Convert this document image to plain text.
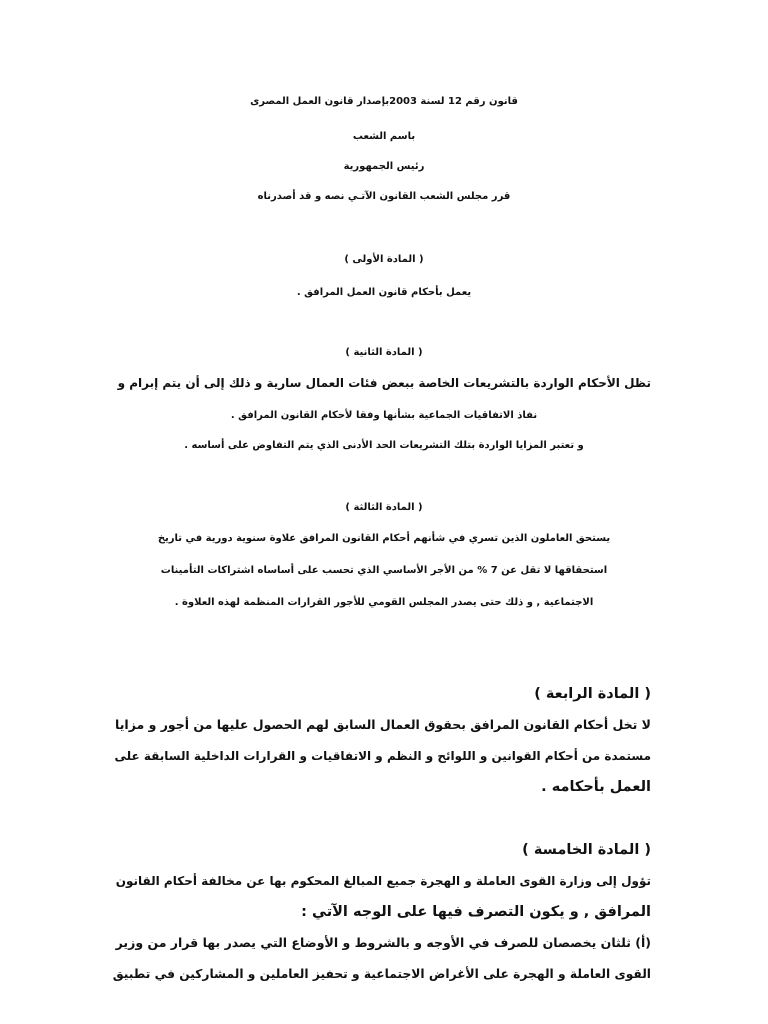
قانون رقم 12 لسنة 2003بإصدار قانون العمل المصرى
باسم الشعب
رئيس الجمهورية
قرر مجلس الشعب القانون الآتـي نصه و قد أصدرناه
( المادة الأولى )
يعمل بأحكام قانون العمل المرافق .
( المادة الثانية )
تظل الأحكام الواردة بالتشريعات الخاصة ببعض فئات العمال سارية و ذلك إلى أن يتم إبرام و
نفاذ الاتفاقيات الجماعية بشأنها وفقا لأحكام القانون المرافق .
و تعتبر المزايا الواردة بتلك التشريعات الحد الأدنى الذي يتم التفاوض على أساسه .
( المادة الثالثة )
يستحق العاملون الذين تسري في شأنهم أحكام القانون المرافق علاوة سنوية دورية في تاريخ
استحقاقها لا تقل عن 7 % من الأجر الأساسي الذي تحسب على أساساه اشتراكات التأمينات
الاجتماعية , و ذلك حتى يصدر المجلس القومي للأجور القرارات المنظمة لهذه العلاوة .
( المادة الرابعة )
لا تخل أحكام القانون المرافق بحقوق العمال السابق لهم الحصول عليها من أجور و مزايا
مستمدة من أحكام القوانين و اللوائح و النظم و الاتفاقيات و القرارات الداخلية السابقة على
العمل بأحكامه .
( المادة الخامسة )
تؤول إلى وزارة القوى العاملة و الهجرة جميع المبالغ المحكوم بها عن مخالفة أحكام القانون
المرافق , و يكون التصرف فيها على الوجه الآتي :
(أ) ثلثان يخصصان للصرف في الأوجه و بالشروط و الأوضاع التي يصدر بها قرار من وزير
القوى العاملة و الهجرة على الأغراض الاجتماعية و تحفيز العاملين و المشاركين في تطبيق
